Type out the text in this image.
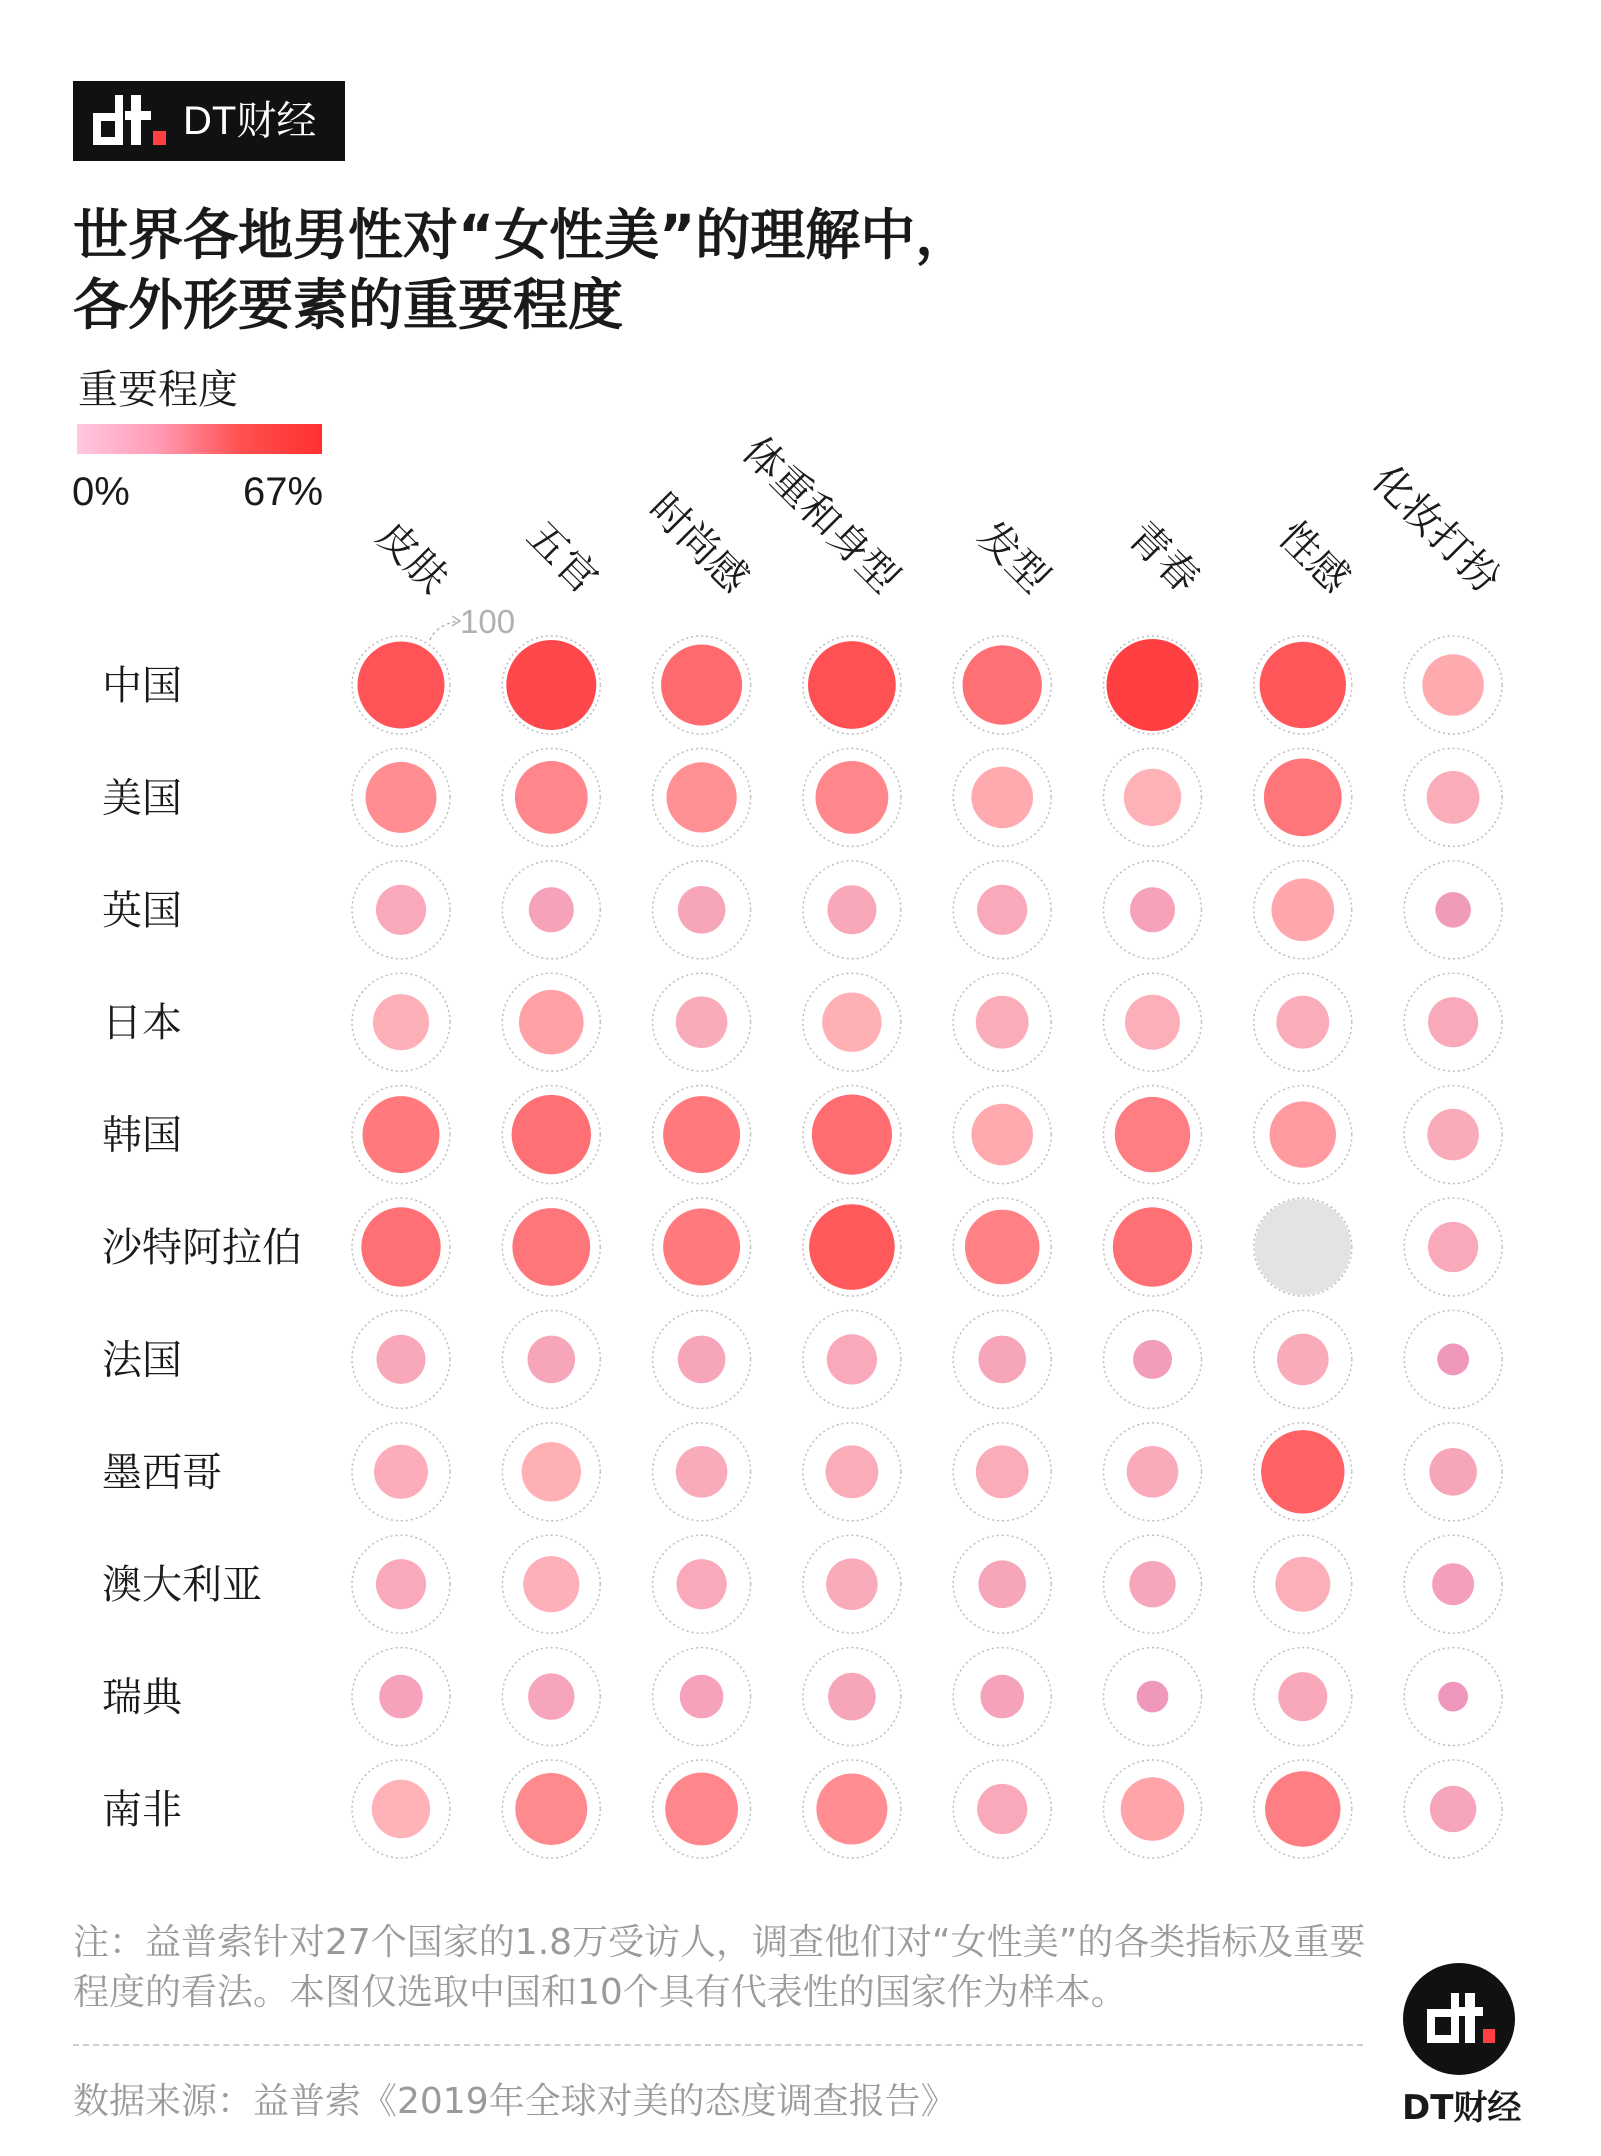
DT财经
世界各地男性对“女性美”的理解中，
各外形要素的重要程度
重要程度
0%	67%
皮肤 五官 时尚感
体重和身型 发型 青春 性感 化妆打扮
中国
美国
英国
日本
韩国
沙特阿拉伯
法国
墨西哥
澳大利亚
瑞典
南非
100
注：益普索针对27个国家的1.8万受访人，调查他们对“女性美”的各类指标及重要
程度的看法。本图仅选取中国和10个具有代表性的国家作为样本。
数据来源：益普索《2019年全球对美的态度调查报告》	DT财经
